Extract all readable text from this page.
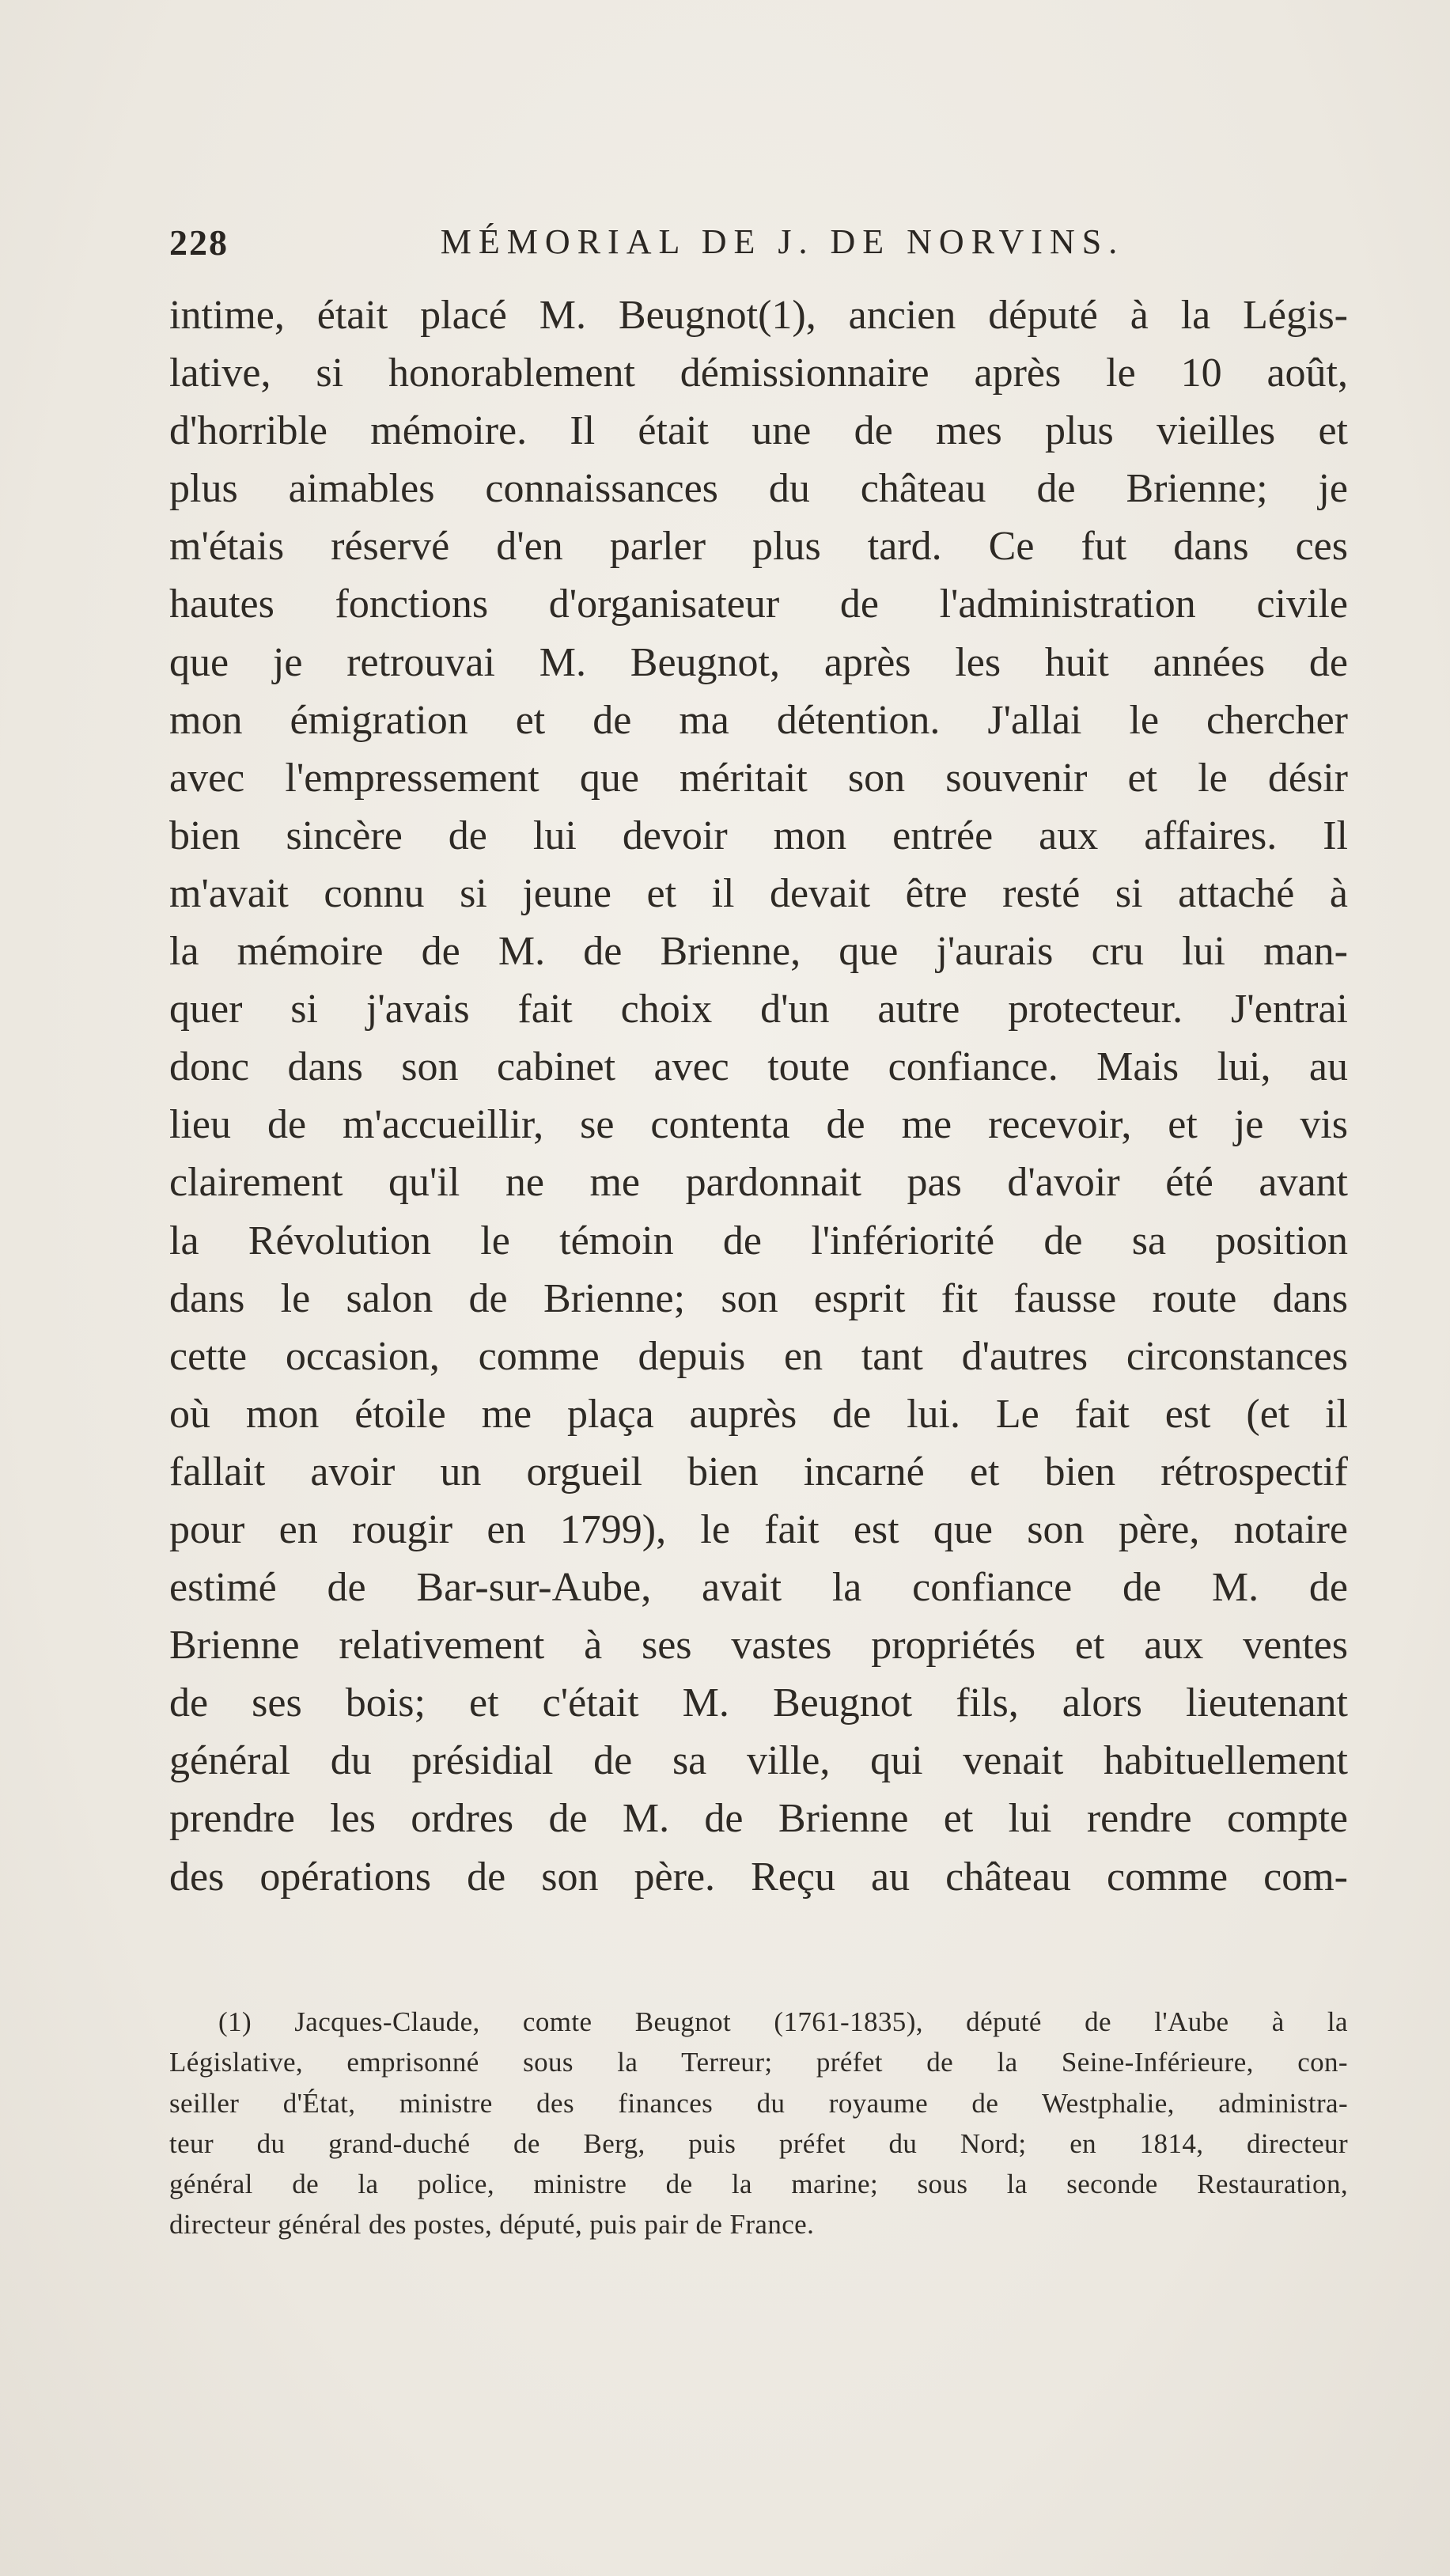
228	MÉMORIAL DE J. DE NORVINS.
intime, était placé M. Beugnot(1), ancien député à la Légis-
lative, si honorablement démissionnaire après le 10 août,
d'horrible mémoire. Il était une de mes plus vieilles et
plus aimables connaissances du château de Brienne; je
m'étais réservé d'en parler plus tard. Ce fut dans ces
hautes fonctions d'organisateur de l'administration civile
que je retrouvai M. Beugnot, après les huit années de
mon émigration et de ma détention. J'allai le chercher
avec l'empressement que méritait son souvenir et le désir
bien sincère de lui devoir mon entrée aux affaires. Il
m'avait connu si jeune et il devait être resté si attaché à
la mémoire de M. de Brienne, que j'aurais cru lui man-
quer si j'avais fait choix d'un autre protecteur. J'entrai
donc dans son cabinet avec toute confiance. Mais lui, au
lieu de m'accueillir, se contenta de me recevoir, et je vis
clairement qu'il ne me pardonnait pas d'avoir été avant
la Révolution le témoin de l'infériorité de sa position
dans le salon de Brienne; son esprit fit fausse route dans
cette occasion, comme depuis en tant d'autres circonstances
où mon étoile me plaça auprès de lui. Le fait est (et il
fallait avoir un orgueil bien incarné et bien rétrospectif
pour en rougir en 1799), le fait est que son père, notaire
estimé de Bar-sur-Aube, avait la confiance de M. de
Brienne relativement à ses vastes propriétés et aux ventes
de ses bois; et c'était M. Beugnot fils, alors lieutenant
général du présidial de sa ville, qui venait habituellement
prendre les ordres de M. de Brienne et lui rendre compte
des opérations de son père. Reçu au château comme com-
(1) Jacques-Claude, comte Beugnot (1761-1835), député de l'Aube à la
Législative, emprisonné sous la Terreur; préfet de la Seine-Inférieure, con-
seiller d'État, ministre des finances du royaume de Westphalie, administra-
teur du grand-duché de Berg, puis préfet du Nord; en 1814, directeur
général de la police, ministre de la marine; sous la seconde Restauration,
directeur général des postes, député, puis pair de France.
